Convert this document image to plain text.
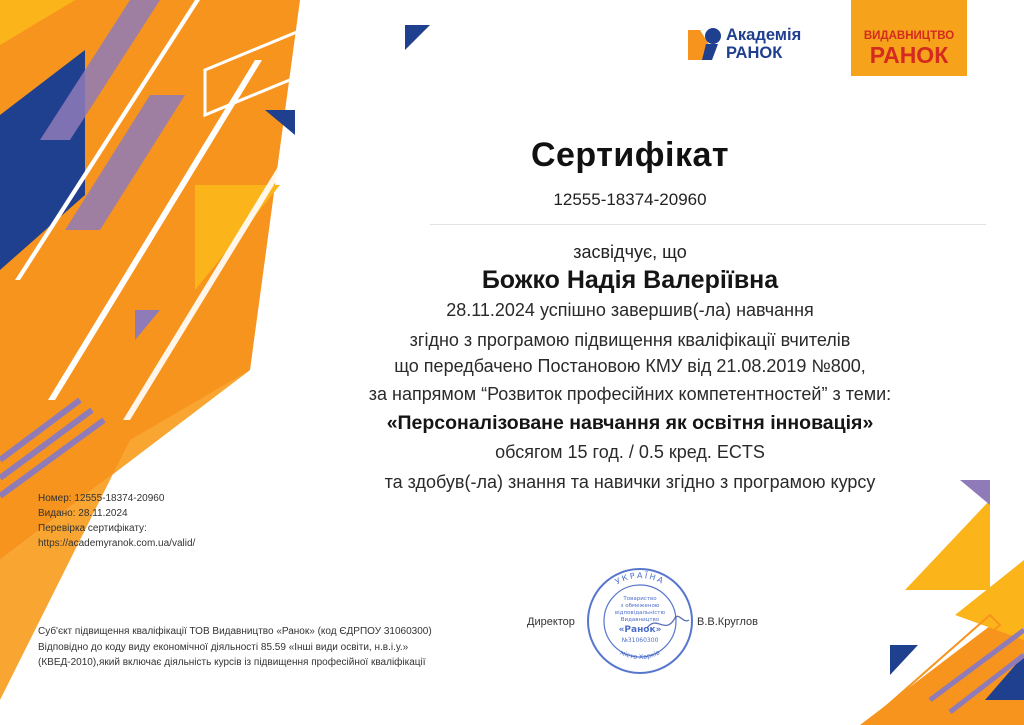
Академія
РАНОК
ВИДАВНИЦТВО
РАНОК
Сертифікат
12555-18374-20960
засвідчує, що
Божко Надія Валеріївна
28.11.2024 успішно завершив(-ла) навчання
згідно з програмою підвищення кваліфікації вчителів
що передбачено Постановою КМУ від 21.08.2019 №800,
за напрямом “Розвиток професійних компетентностей” з теми:
«Персоналізоване навчання як освітня інновація»
обсягом 15 год. / 0.5 кред. ECTS
та здобув(-ла) знання та навички згідно з програмою курсу
Номер: 12555-18374-20960
Видано: 28.11.2024
Перевірка сертифікату:
https://academyranok.com.ua/valid/
Суб'єкт підвищення кваліфікації ТОВ Видавництво «Ранок» (код ЄДРПОУ 31060300)
Відповідно до коду виду економічної діяльності 85.59 «Інші види освіти, н.в.і.у.»
(КВЕД-2010),який включає діяльність курсів із підвищення професійної кваліфікації
Директор	В.В.Круглов
УКРАЇНА
місто Харків
Товариство
з обмеженою
відповідальністю
Видавництво
«Ранок»
№31060300
